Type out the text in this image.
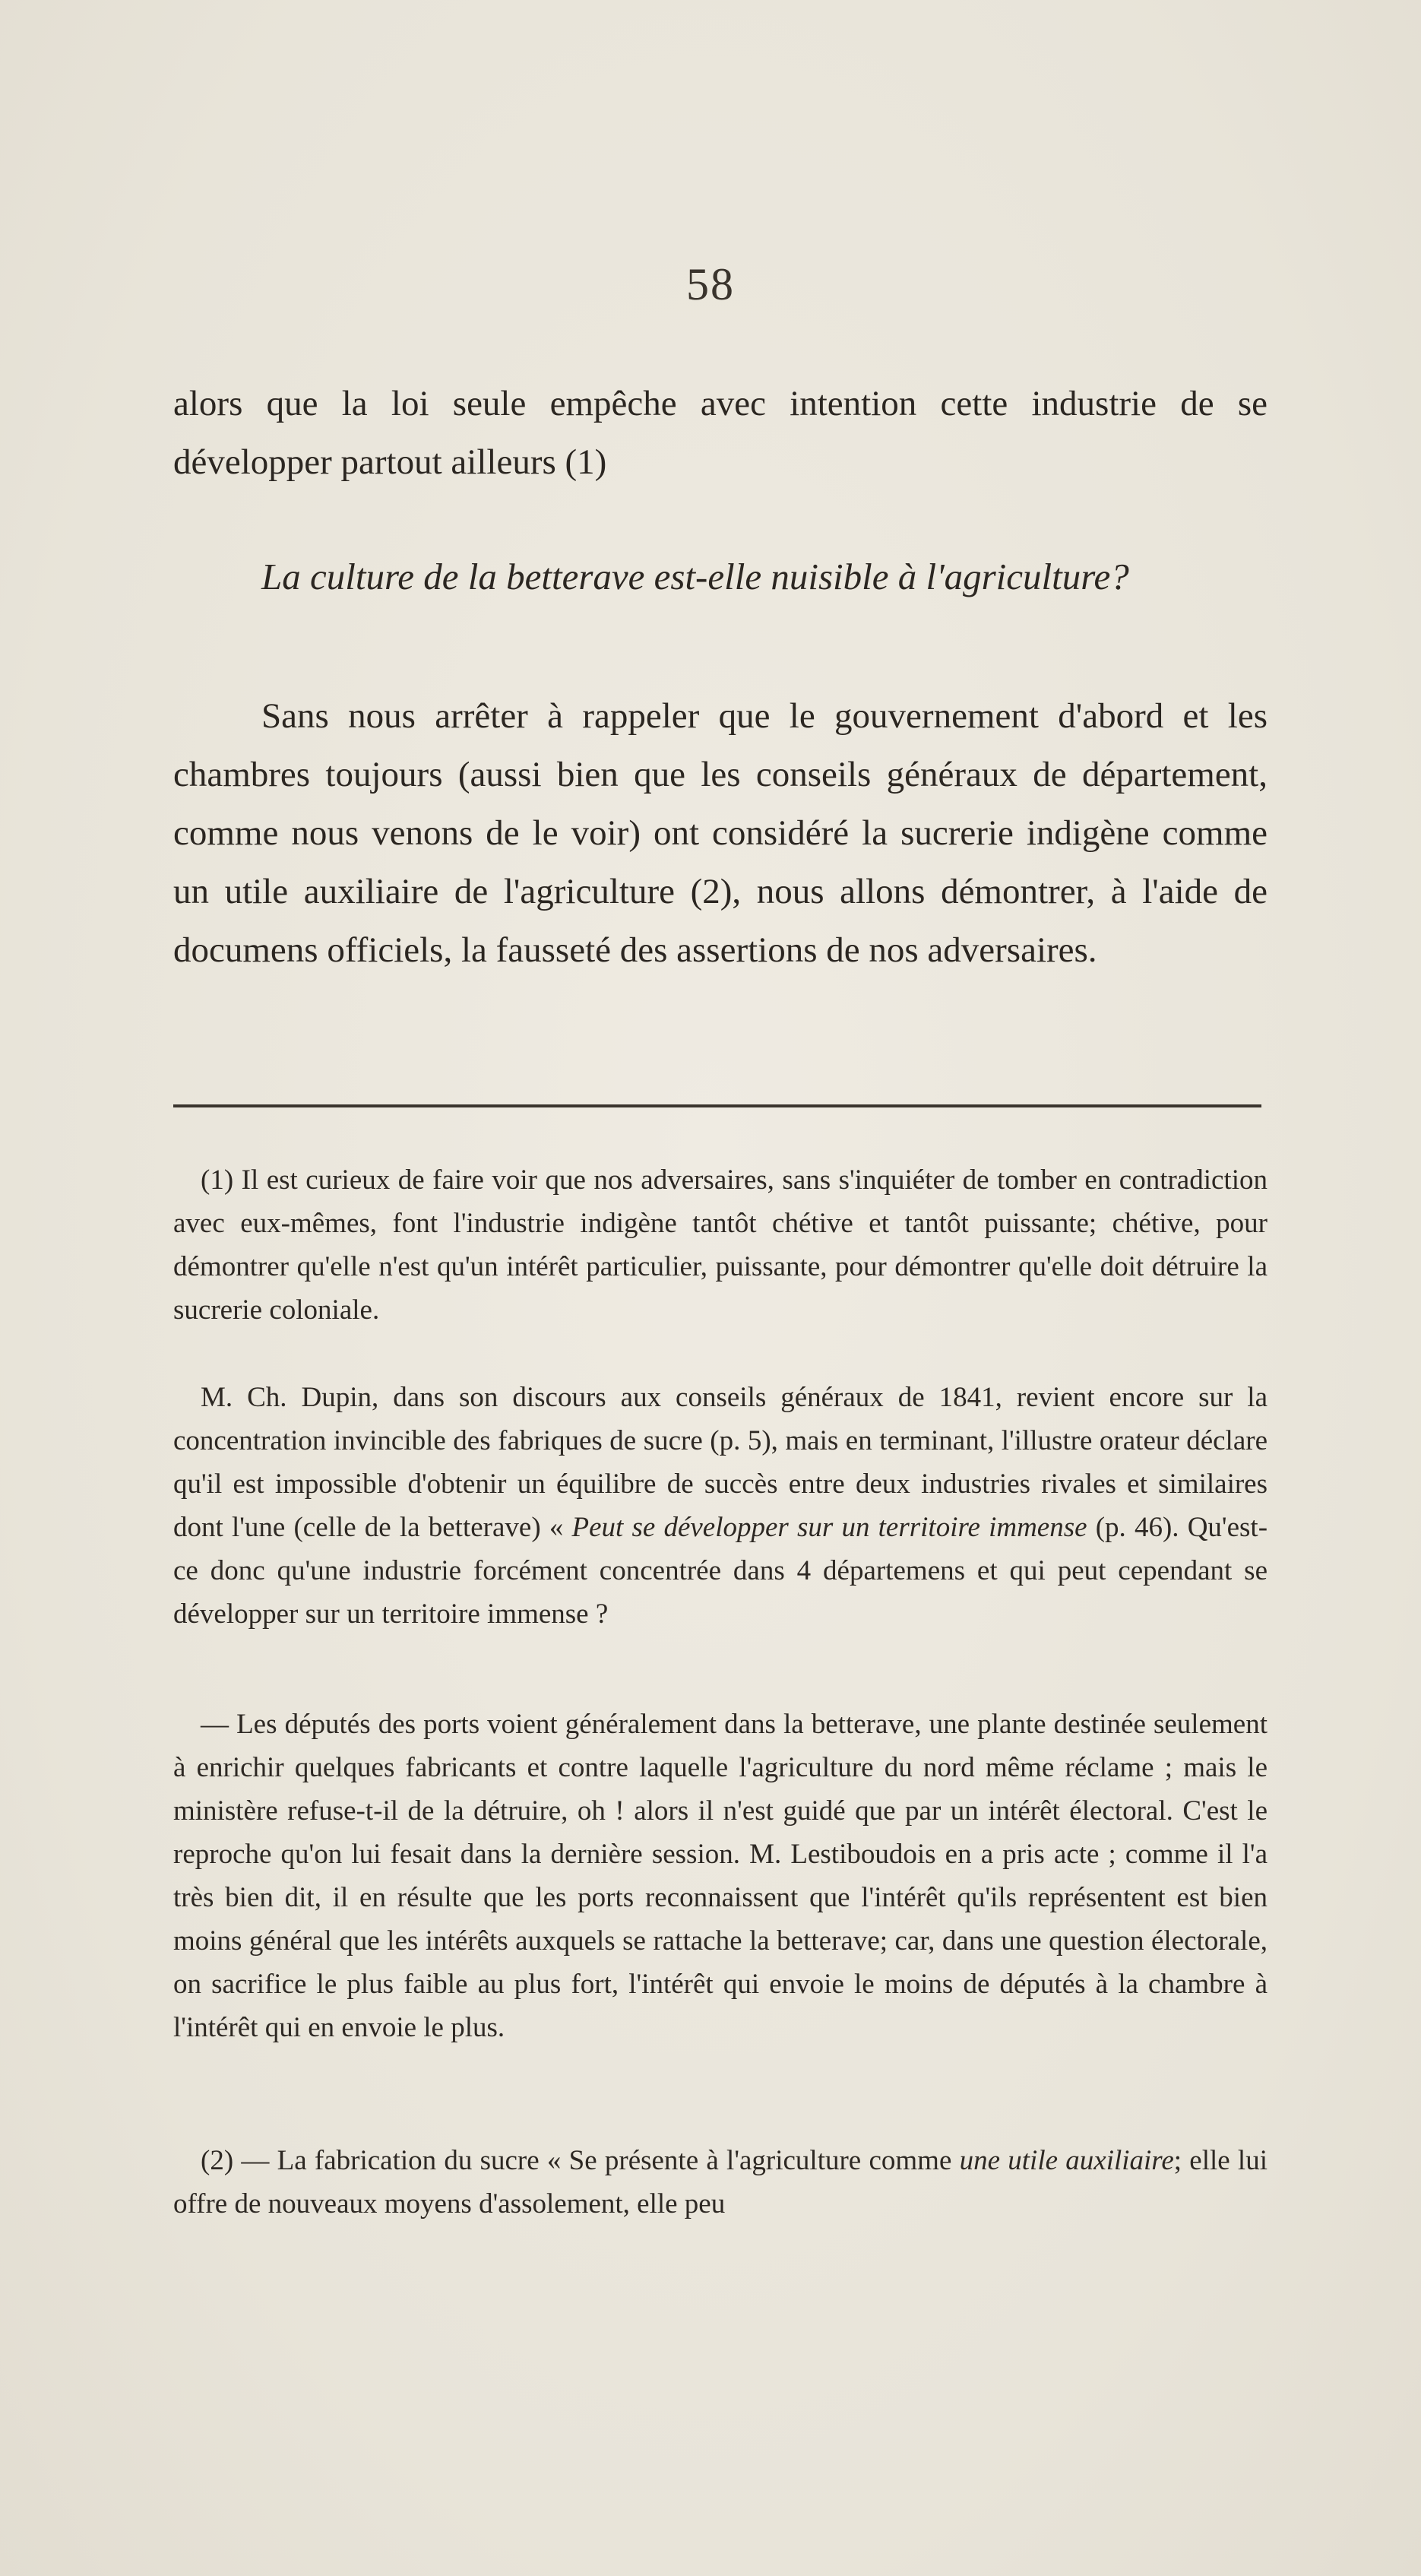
58

alors que la loi seule empêche avec intention cette industrie de se développer partout ailleurs (1)

La culture de la betterave est-elle nuisible à l'agriculture?

Sans nous arrêter à rappeler que le gouvernement d'abord et les chambres toujours (aussi bien que les conseils généraux de département, comme nous venons de le voir) ont considéré la sucrerie indigène comme un utile auxiliaire de l'agriculture (2), nous allons démontrer, à l'aide de documens officiels, la fausseté des assertions de nos adversaires.

(1) Il est curieux de faire voir que nos adversaires, sans s'inquiéter de tomber en contradiction avec eux-mêmes, font l'industrie indigène tantôt chétive et tantôt puissante; chétive, pour démontrer qu'elle n'est qu'un intérêt particulier, puissante, pour démontrer qu'elle doit détruire la sucrerie coloniale.

M. Ch. Dupin, dans son discours aux conseils généraux de 1841, revient encore sur la concentration invincible des fabriques de sucre (p. 5), mais en terminant, l'illustre orateur déclare qu'il est impossible d'obtenir un équilibre de succès entre deux industries rivales et similaires dont l'une (celle de la betterave) « Peut se développer sur un territoire immense (p. 46). Qu'est-ce donc qu'une industrie forcément concentrée dans 4 départemens et qui peut cependant se développer sur un territoire immense ?

— Les députés des ports voient généralement dans la betterave, une plante destinée seulement à enrichir quelques fabricants et contre laquelle l'agriculture du nord même réclame ; mais le ministère refuse-t-il de la détruire, oh ! alors il n'est guidé que par un intérêt électoral. C'est le reproche qu'on lui fesait dans la dernière session. M. Lestiboudois en a pris acte ; comme il l'a très bien dit, il en résulte que les ports reconnaissent que l'intérêt qu'ils représentent est bien moins général que les intérêts auxquels se rattache la betterave; car, dans une question électorale, on sacrifice le plus faible au plus fort, l'intérêt qui envoie le moins de députés à la chambre à l'intérêt qui en envoie le plus.

(2) — La fabrication du sucre « Se présente à l'agriculture comme une utile auxiliaire; elle lui offre de nouveaux moyens d'assolement, elle peu
